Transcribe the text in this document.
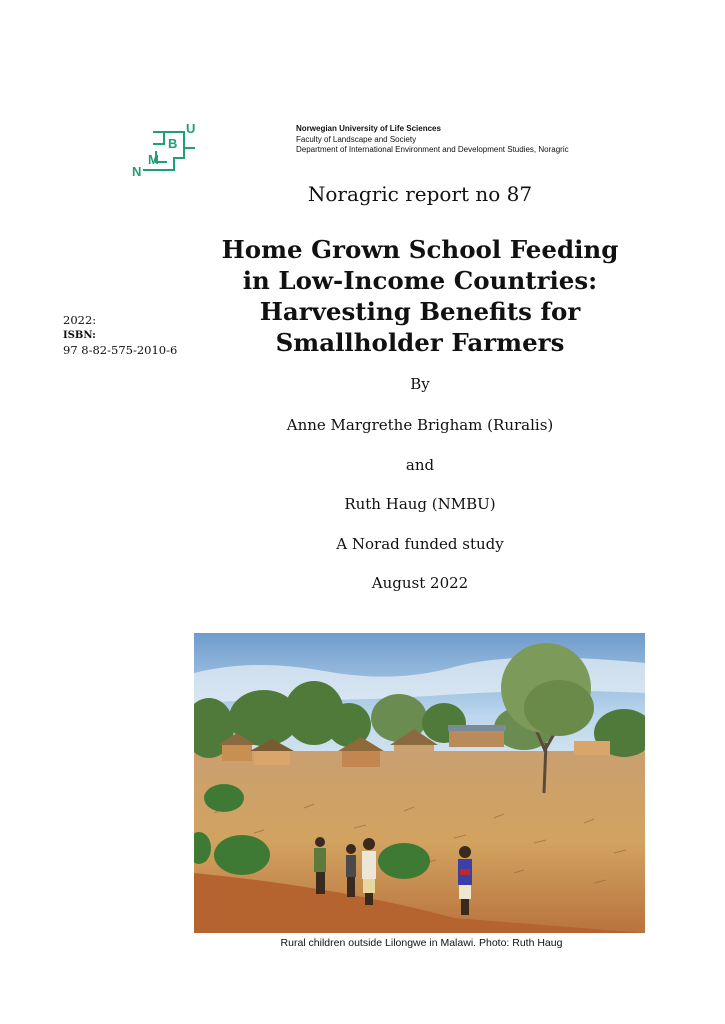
N
M
B
U	Norwegian University of Life Sciences
Faculty of Landscape and Society
Department of International Environment and Development Studies, Noragric
Noragric report no 87
Home Grown School Feeding
in Low-Income Countries:
Harvesting Benefits for
Smallholder Farmers
2022:
ISBN:
97 8-82-575-2010-6
By
Anne Margrethe Brigham (Ruralis)
and
Ruth Haug (NMBU)
A Norad funded study
August 2022
Rural children outside Lilongwe in Malawi. Photo: Ruth Haug
